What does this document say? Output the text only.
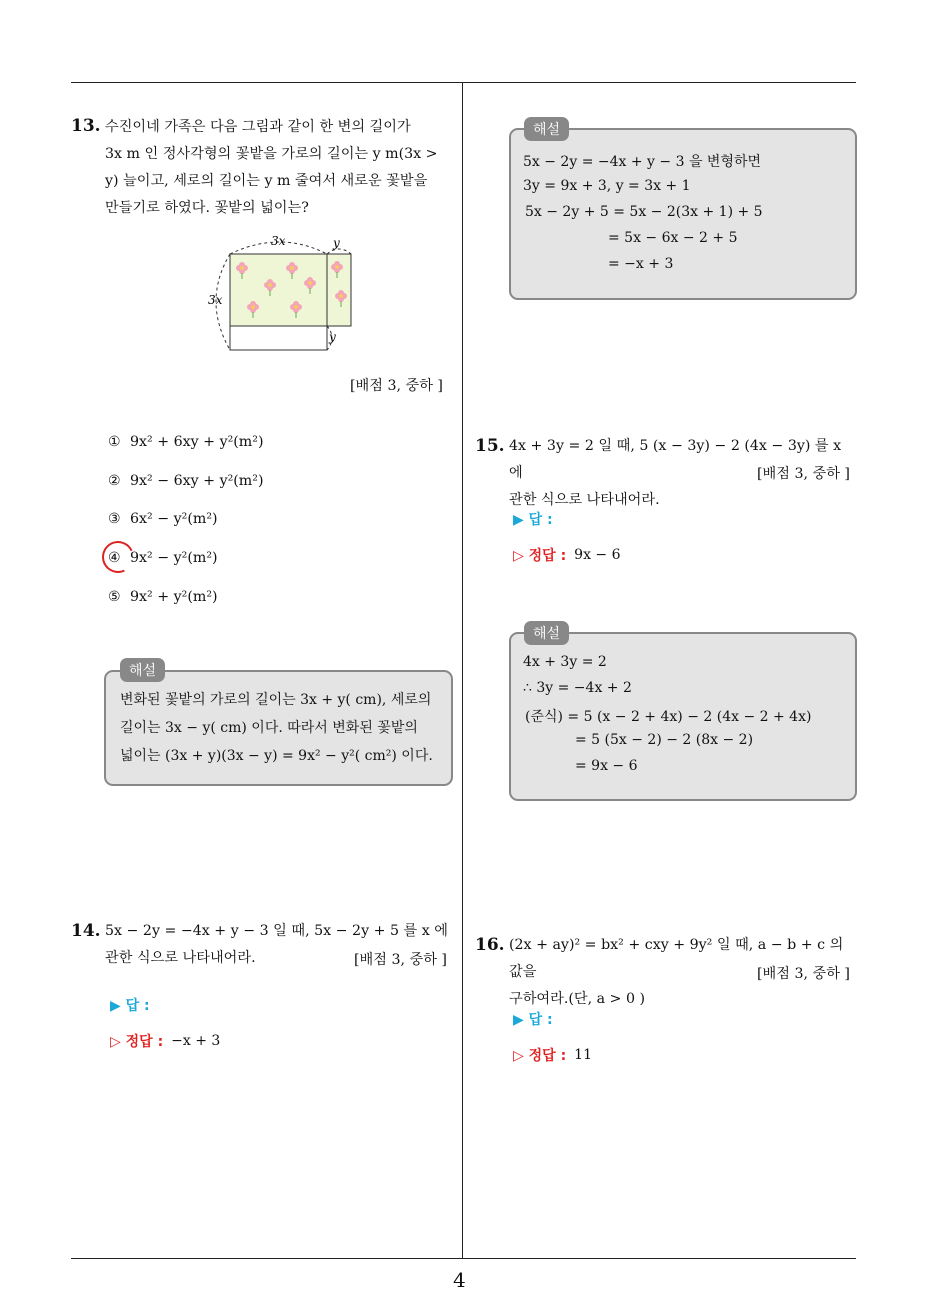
13. 수진이네 가족은 다음 그림과 같이 한 변의 길이가
3x m 인 정사각형의 꽃밭을 가로의 길이는 y m(3x >
y) 늘이고, 세로의 길이는 y m 줄여서 새로운 꽃밭을
만들기로 하였다. 꽃밭의 넓이는?
3x	y
3x
y
[배점 3, 중하 ]
① 9x² + 6xy + y²(m²)
② 9x² − 6xy + y²(m²)
③ 6x² − y²(m²)
④ 9x² − y²(m²)
⑤ 9x² + y²(m²)
변화된 꽃밭의 가로의 길이는 3x + y( cm), 세로의
길이는 3x − y( cm) 이다. 따라서 변화된 꽃밭의
넓이는 (3x + y)(3x − y) = 9x² − y²( cm²) 이다.
해설
14. 5x − 2y = −4x + y − 3 일 때, 5x − 2y + 5 를 x 에
관한 식으로 나타내어라.	[배점 3, 중하 ]
▶ 답 :
▷ 정답 : −x + 3
5x − 2y = −4x + y − 3 을 변형하면
3y = 9x + 3, y = 3x + 1
5x − 2y + 5 = 5x − 2(3x + 1) + 5
= 5x − 6x − 2 + 5
= −x + 3
해설
15. 4x + 3y = 2 일 때, 5 (x − 3y) − 2 (4x − 3y) 를 x 에
관한 식으로 나타내어라.
[배점 3, 중하 ]
▶ 답 :
▷ 정답 : 9x − 6
4x + 3y = 2
∴ 3y = −4x + 2
(준식) = 5 (x − 2 + 4x) − 2 (4x − 2 + 4x)
= 5 (5x − 2) − 2 (8x − 2)
= 9x − 6
해설
16. (2x + ay)² = bx² + cxy + 9y² 일 때, a − b + c 의 값을
구하여라.(단, a > 0 )
[배점 3, 중하 ]
▶ 답 :
▷ 정답 : 11
4
